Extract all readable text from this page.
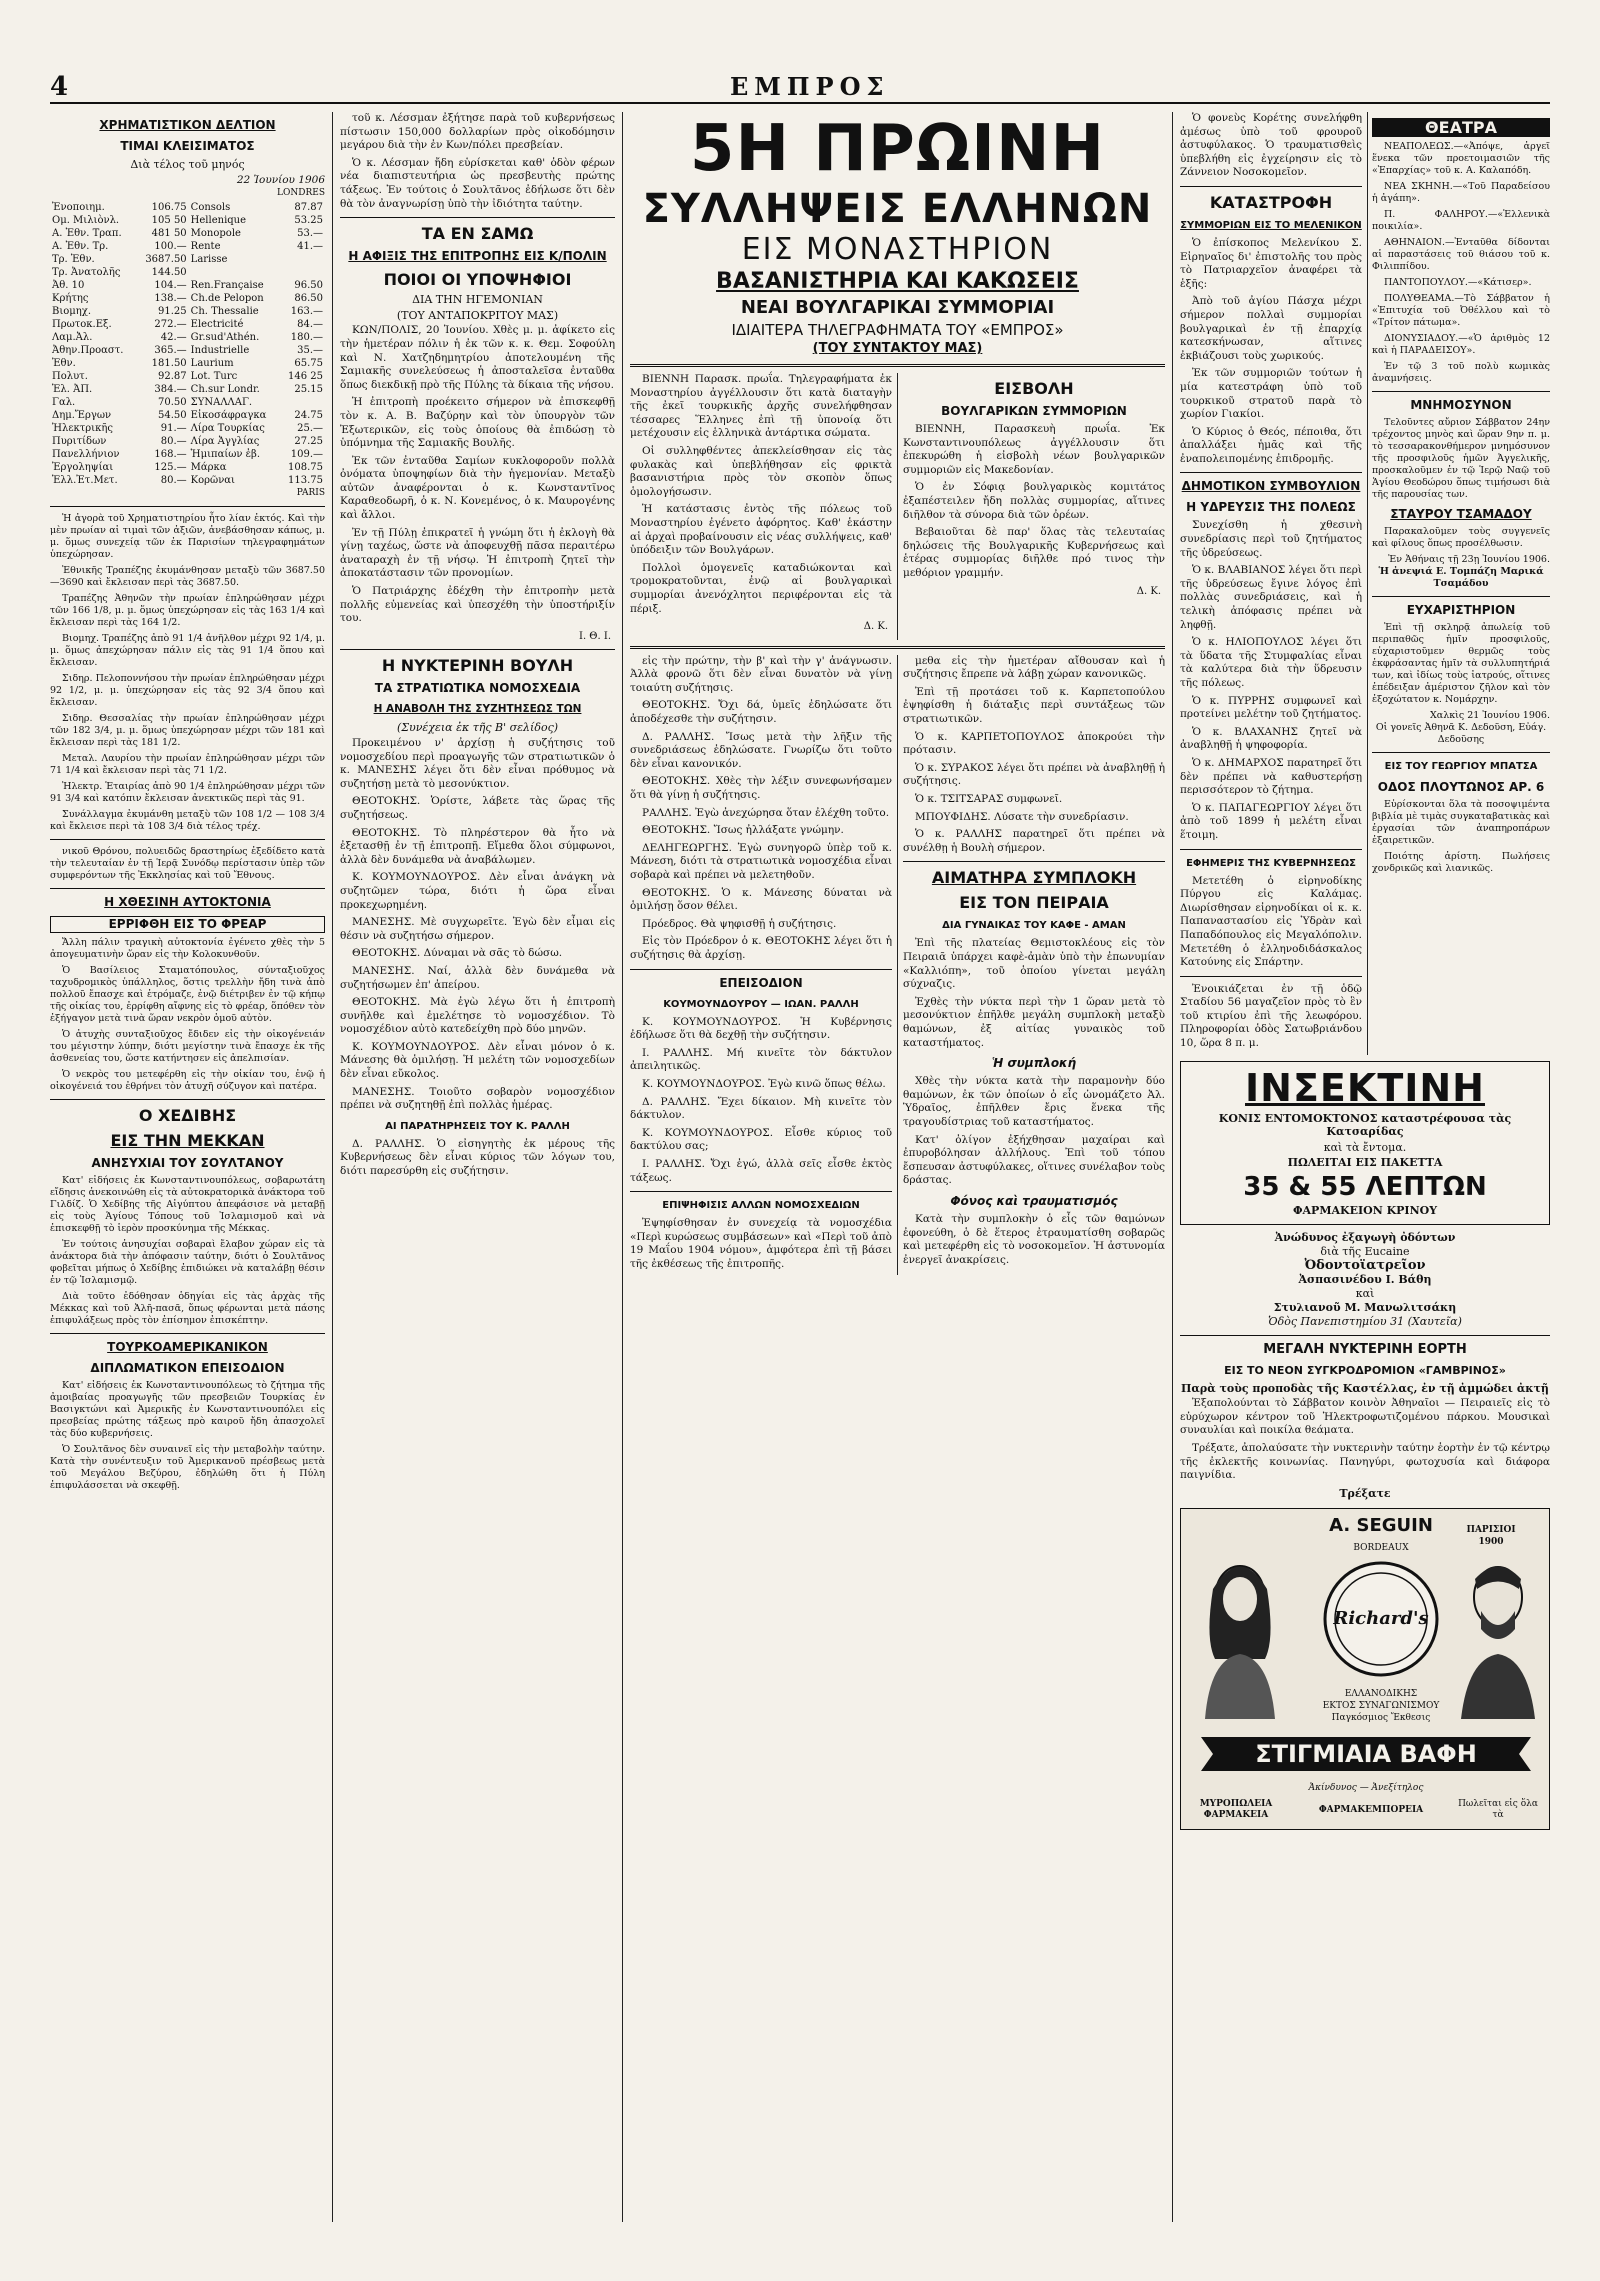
4	ΕΜΠΡΟΣ
ΧΡΗΜΑΤΙΣΤΙΚΟΝ ΔΕΛΤΙΟΝ
ΤΙΜΑΙ ΚΛΕΙΣΙΜΑΤΟΣ
Διὰ τέλος τοῦ μηνός
22 Ἰουνίου 1906
LONDRES
Ἐνοποιημ.	106.75	Consols	87.87
Ομ. Μιλιὸνλ.	105 50	Hellenique	53.25
Α. Ἐθν. Τραπ.	481 50	Monopole	53.—
Α. Ἐθν. Τρ.	100.—	Rente	41.—
Τρ. Ἐθν.	3687.50	Larisse	
Τρ. Ἀνατολῆς	144.50		
Ἀθ. 10	104.—	Ren.Française	96.50
Κρήτης	138.—	Ch.de Pelopon	86.50
Βιομηχ.	91.25	Ch. Thessalie	163.—
Πρωτοκ.Εξ.	272.—	Electricité	84.—
Λαμ.Ἀλ.	42.—	Gr.sud'Athén.	180.—
Ἀθην.Προαστ.	365.—	Industrielle	35.—
Ἐθν.	181.50	Laurium	65.75
Πολυτ.	92.87	Lot. Turc	146 25
Ἑλ. ἈΠ.	384.—	Ch.sur Londr.	25.15
Γαλ.	70.50	ΣΥΝΑΛΛΑΓ.	
Δημ.Ἔργων	54.50	Εἰκοσάφραγκα	24.75
Ἠλεκτρικῆς	91.—	Λίρα Τουρκίας	25.—
Πυριτίδων	80.—	Λίρα Ἀγγλίας	27.25
Πανελλήνιον	168.—	Ἡμιπαίων ἐβ.	109.—
Ἐργοληψίαι	125.—	Μάρκα	108.75
Ἑλλ.Ἐτ.Μετ.	80.—	Κορῶναι	113.75
PARIS

Ἡ ἀγορὰ τοῦ Χρηματιστηρίου ἦτο λίαν ἐκτός. Καὶ τὴν μὲν πρωίαν αἱ τιμαὶ τῶν ἀξιῶν, ἀνεβάσθησαν κάπως, μ. μ. ὅμως συνεχείᾳ τῶν ἐκ Παρισίων τηλεγραφημάτων ὑπεχώρησαν.

Ἐθνικῆς Τραπέζης ἐκυμάνθησαν μεταξὺ τῶν 3687.50—3690 καὶ ἔκλεισαν περὶ τὰς 3687.50.

Τραπέζης Ἀθηνῶν τὴν πρωίαν ἐπληρώθησαν μέχρι τῶν 166 1/8, μ. μ. ὅμως ὑπεχώρησαν εἰς τὰς 163 1/4 καὶ ἔκλεισαν περὶ τὰς 164 1/2.

Βιομηχ. Τραπέζης ἀπὸ 91 1/4 ἀνῆλθον μέχρι 92 1/4, μ. μ. ὅμως ἀπεχώρησαν πάλιν εἰς τὰς 91 1/4 ὅπου καὶ ἔκλεισαν.

Σιδηρ. Πελοποννήσου τὴν πρωίαν ἐπληρώθησαν μέχρι 92 1/2, μ. μ. ὑπεχώρησαν εἰς τὰς 92 3/4 ὅπου καὶ ἔκλεισαν.

Σιδηρ. Θεσσαλίας τὴν πρωίαν ἐπληρώθησαν μέχρι τῶν 182 3/4, μ. μ. ὅμως ὑπεχώρησαν μέχρι τῶν 181 καὶ ἔκλεισαν περὶ τὰς 181 1/2.

Μεταλ. Λαυρίου τὴν πρωίαν ἐπληρώθησαν μέχρι τῶν 71 1/4 καὶ ἔκλεισαν περὶ τὰς 71 1/2.

Ἠλεκτρ. Ἑταιρίας ἀπὸ 90 1/4 ἐπληρώθησαν μέχρι τῶν 91 3/4 καὶ κατόπιν ἔκλεισαν ἀνεκτικῶς περὶ τὰς 91.

Συνάλλαγμα ἐκυμάνθη μεταξὺ τῶν 108 1/2 — 108 3/4 καὶ ἔκλεισε περὶ τὰ 108 3/4 διὰ τέλος τρέχ.

νικοῦ Θρόνου, πολυειδῶς δραστηρίως ἐξεδίδετο κατὰ τὴν τελευταίαν ἐν τῇ Ἱερᾷ Συνόδῳ περίστασιν ὑπὲρ τῶν συμφερόντων τῆς Ἐκκλησίας καὶ τοῦ Ἔθνους.

Η ΧΘΕΣΙΝΗ ΑΥΤΟΚΤΟΝΙΑ
ΕΡΡΙΦΘΗ ΕΙΣ ΤΟ ΦΡΕΑΡ

Ἄλλη πάλιν τραγικὴ αὐτοκτονία ἐγένετο χθὲς τὴν 5 ἀπογευματινὴν ὥραν εἰς τὴν Κολοκυνθοῦν.

Ὁ Βασίλειος Σταματόπουλος, σύνταξιοῦχος ταχυδρομικὸς ὑπάλληλος, ὅστις τρελλὴν ἤδη τινὰ ἀπὸ πολλοῦ ἔπασχε καὶ ἐτρόμαζε, ἐνῷ διέτριβεν ἐν τῷ κήπῳ τῆς οἰκίας του, ἐρρίφθη αἴφνης εἰς τὸ φρέαρ, ὅπόθεν τὸν ἐξήγαγον μετὰ τινὰ ὥραν νεκρὸν ὁμοῦ αὐτὸν.

Ὁ ἀτυχὴς συνταξιοῦχος ἔδιδεν εἰς τὴν οἰκογένειάν του μέγιστην λύπην, διότι μεγίστην τινὰ ἔπασχε ἐκ τῆς ἀσθενείας του, ὥστε κατήντησεν εἰς ἀπελπισίαν.

Ὁ νεκρὸς του μετεφέρθη εἰς τὴν οἰκίαν του, ἐνῷ ἡ οἰκογένειά του ἐθρήνει τὸν ἀτυχῆ σύζυγον καὶ πατέρα.

Ο ΧΕΔΙΒΗΣ
ΕΙΣ ΤΗΝ ΜΕΚΚΑΝ
ΑΝΗΣΥΧΙΑΙ ΤΟΥ ΣΟΥΛΤΑΝΟΥ

Κατ' εἰδήσεις ἐκ Κωνσταντινουπόλεως, σοβαρωτάτη εἴδησις ἀνεκοινώθη εἰς τὰ αὐτοκρατορικὰ ἀνάκτορα τοῦ Γιλδίζ. Ὁ Χεδίβης τῆς Αἰγύπτου ἀπεφάσισε νὰ μεταβῇ εἰς τοὺς Ἁγίους Τόπους τοῦ Ἰσλαμισμοῦ καὶ νὰ ἐπισκεφθῇ τὸ ἱερὸν προσκύνημα τῆς Μέκκας.

Ἐν τούτοις ἀνησυχίαι σοβαραὶ ἔλαβον χώραν εἰς τὰ ἀνάκτορα διὰ τὴν ἀπόφασιν ταύτην, διότι ὁ Σουλτᾶνος φοβεῖται μήπως ὁ Χεδίβης ἐπιδιώκει νὰ καταλάβῃ θέσιν ἐν τῷ Ἰσλαμισμῷ.

Διὰ τοῦτο ἐδόθησαν ὁδηγίαι εἰς τὰς ἀρχὰς τῆς Μέκκας καὶ τοῦ Ἀλῆ-πασᾶ, ὅπως φέρωνται μετὰ πάσης ἐπιφυλάξεως πρὸς τὸν ἐπίσημον ἐπισκέπτην.

ΤΟΥΡΚΟΑΜΕΡΙΚΑΝΙΚΟΝ
ΔΙΠΛΩΜΑΤΙΚΟΝ ΕΠΕΙΣΟΔΙΟΝ

Κατ' εἰδήσεις ἐκ Κωνσταντινουπόλεως τὸ ζήτημα τῆς ἀμοιβαίας προαγωγῆς τῶν πρεσβειῶν Τουρκίας ἐν Βασιγκτώνι καὶ Ἀμερικῆς ἐν Κωνσταντινουπόλει εἰς πρεσβείας πρώτης τάξεως πρὸ καιροῦ ἤδη ἀπασχολεῖ τὰς δύο κυβερνήσεις.

Ὁ Σουλτᾶνος δὲν συναινεῖ εἰς τὴν μεταβολὴν ταύτην. Κατὰ τὴν συνέντευξιν τοῦ Ἀμερικανοῦ πρέσβεως μετὰ τοῦ Μεγάλου Βεζύρου, ἐδηλώθη ὅτι ἡ Πύλη ἐπιφυλάσσεται νὰ σκεφθῇ.

τοῦ κ. Λέσσμαν ἐξήτησε παρὰ τοῦ κυβερνήσεως πίστωσιν 150,000 δολλαρίων πρὸς οἰκοδόμησιν μεγάρου διὰ τὴν ἐν Κων/πόλει πρεσβείαν.

Ὁ κ. Λέσσμαν ἤδη εὑρίσκεται καθ' ὁδὸν φέρων νέα διαπιστευτήρια ὡς πρεσβευτὴς πρώτης τάξεως. Ἐν τούτοις ὁ Σουλτᾶνος ἐδήλωσε ὅτι δὲν θὰ τὸν ἀναγνωρίσῃ ὑπὸ τὴν ἰδιότητα ταύτην.

ΤΑ ΕΝ ΣΑΜΩ
Η ΑΦΙΞΙΣ ΤΗΣ ΕΠΙΤΡΟΠΗΣ ΕΙΣ Κ/ΠΟΛΙΝ
ΠΟΙΟΙ ΟΙ ΥΠΟΨΗΦΙΟΙ
ΔΙΑ ΤΗΝ ΗΓΕΜΟΝΙΑΝ
(ΤΟΥ ΑΝΤΑΠΟΚΡΙΤΟΥ ΜΑΣ)

ΚΩΝ/ΠΟΛΙΣ, 20 Ἰουνίου. Χθὲς μ. μ. ἀφίκετο εἰς τὴν ἡμετέραν πόλιν ἡ ἐκ τῶν κ. κ. Θεμ. Σοφούλη καὶ Ν. Χατζηδημητρίου ἀποτελουμένη τῆς Σαμιακῆς συνελεύσεως ἡ ἀποσταλεῖσα ἐνταῦθα ὅπως διεκδικῇ πρὸ τῆς Πύλης τὰ δίκαια τῆς νήσου.

Ἡ ἐπιτροπὴ προέκειτο σήμερον νὰ ἐπισκεφθῇ τὸν κ. Α. Β. Βαζύρην καὶ τὸν ὑπουργὸν τῶν Ἐξωτερικῶν, εἰς τοὺς ὁποίους θὰ ἐπιδώσῃ τὸ ὑπόμνημα τῆς Σαμιακῆς Βουλῆς.

Ἐκ τῶν ἐνταῦθα Σαμίων κυκλοφοροῦν πολλὰ ὀνόματα ὑποψηφίων διὰ τὴν ἡγεμονίαν. Μεταξὺ αὐτῶν ἀναφέρονται ὁ κ. Κωνσταντῖνος Καραθεοδωρῆ, ὁ κ. Ν. Κονεμένος, ὁ κ. Μαυρογένης καὶ ἄλλοι.

Ἐν τῇ Πύλῃ ἐπικρατεῖ ἡ γνώμη ὅτι ἡ ἐκλογὴ θὰ γίνῃ ταχέως, ὥστε νὰ ἀποφευχθῇ πᾶσα περαιτέρω ἀναταραχὴ ἐν τῇ νήσῳ. Ἡ ἐπιτροπὴ ζητεῖ τὴν ἀποκατάστασιν τῶν προνομίων.

Ὁ Πατριάρχης ἐδέχθη τὴν ἐπιτροπὴν μετὰ πολλῆς εὐμενείας καὶ ὑπεσχέθη τὴν ὑποστήριξίν του.

Ι. Θ. Ι.
Η ΝΥΚΤΕΡΙΝΗ ΒΟΥΛΗ
ΤΑ ΣΤΡΑΤΙΩΤΙΚΑ ΝΟΜΟΣΧΕΔΙΑ
Η ΑΝΑΒΟΛΗ ΤΗΣ ΣΥΖΗΤΗΣΕΩΣ ΤΩΝ
(Συνέχεια ἐκ τῆς Β' σελίδος)

Προκειμένου ν' ἀρχίσῃ ἡ συζήτησις τοῦ νομοσχεδίου περὶ προαγωγῆς τῶν στρατιωτικῶν ὁ κ. ΜΑΝΕΣΗΣ λέγει ὅτι δὲν εἶναι πρόθυμος νὰ συζητήσῃ μετὰ τὸ μεσονύκτιον.

ΘΕΟΤΟΚΗΣ. Ὁρίστε, λάβετε τὰς ὥρας τῆς συζητήσεως.

ΘΕΟΤΟΚΗΣ. Τὸ πληρέστερον θὰ ἦτο νὰ ἐξετασθῇ ἐν τῇ ἐπιτροπῇ. Εἴμεθα ὅλοι σύμφωνοι, ἀλλὰ δὲν δυνάμεθα νὰ ἀναβάλωμεν.

Κ. ΚΟΥΜΟΥΝΔΟΥΡΟΣ. Δὲν εἶναι ἀνάγκη νὰ συζητῶμεν τώρα, διότι ἡ ὥρα εἶναι προκεχωρημένη.

ΜΑΝΕΣΗΣ. Μὲ συγχωρεῖτε. Ἐγὼ δὲν εἶμαι εἰς θέσιν νὰ συζητήσω σήμερον.

ΘΕΟΤΟΚΗΣ. Δύναμαι νὰ σᾶς τὸ δώσω.

ΜΑΝΕΣΗΣ. Ναί, ἀλλὰ δὲν δυνάμεθα νὰ συζητήσωμεν ἐπ' ἀπείρου.

ΘΕΟΤΟΚΗΣ. Μὰ ἐγὼ λέγω ὅτι ἡ ἐπιτροπὴ συνῆλθε καὶ ἐμελέτησε τὸ νομοσχέδιον. Τὸ νομοσχέδιον αὐτὸ κατεδείχθη πρὸ δύο μηνῶν.

Κ. ΚΟΥΜΟΥΝΔΟΥΡΟΣ. Δὲν εἶναι μόνον ὁ κ. Μάνεσης θὰ ὁμιλήσῃ. Ἡ μελέτη τῶν νομοσχεδίων δὲν εἶναι εὔκολος.

ΜΑΝΕΣΗΣ. Τοιοῦτο σοβαρὸν νομοσχέδιον πρέπει νὰ συζητηθῇ ἐπὶ πολλὰς ἡμέρας.

ΑΙ ΠΑΡΑΤΗΡΗΣΕΙΣ ΤΟΥ Κ. ΡΑΛΛΗ

Δ. ΡΑΛΛΗΣ. Ὁ εἰσηγητὴς ἐκ μέρους τῆς Κυβερνήσεως δὲν εἶναι κύριος τῶν λόγων του, διότι παρεσύρθη εἰς συζήτησιν.

5Η ΠΡΩΙΝΗ
ΣΥΛΛΗΨΕΙΣ ΕΛΛΗΝΩΝ
ΕΙΣ ΜΟΝΑΣΤΗΡΙΟΝ
ΒΑΣΑΝΙΣΤΗΡΙΑ ΚΑΙ ΚΑΚΩΣΕΙΣ
ΝΕΑΙ ΒΟΥΛΓΑΡΙΚΑΙ ΣΥΜΜΟΡΙΑΙ
ΙΔΙΑΙΤΕΡΑ ΤΗΛΕΓΡΑΦΗΜΑΤΑ ΤΟΥ «ΕΜΠΡΟΣ»
(ΤΟΥ ΣΥΝΤΑΚΤΟΥ ΜΑΣ)

ΒΙΕΝΝΗ Παρασκ. πρωΐα. Τηλεγραφήματα ἐκ Μοναστηρίου ἀγγέλλουσιν ὅτι κατὰ διαταγὴν τῆς ἐκεῖ τουρκικῆς ἀρχῆς συνελήφθησαν τέσσαρες Ἕλληνες ἐπὶ τῇ ὑπονοίᾳ ὅτι μετέχουσιν εἰς ἑλληνικὰ ἀντάρτικα σώματα.

Οἱ συλληφθέντες ἀπεκλείσθησαν εἰς τὰς φυλακὰς καὶ ὑπεβλήθησαν εἰς φρικτὰ βασανιστήρια πρὸς τὸν σκοπὸν ὅπως ὁμολογήσωσιν.

Ἡ κατάστασις ἐντὸς τῆς πόλεως τοῦ Μοναστηρίου ἐγένετο ἀφόρητος. Καθ' ἑκάστην αἱ ἀρχαὶ προβαίνουσιν εἰς νέας συλλήψεις, καθ' ὑπόδειξιν τῶν Βουλγάρων.

Πολλοὶ ὁμογενεῖς καταδιώκονται καὶ τρομοκρατοῦνται, ἐνῷ αἱ βουλγαρικαὶ συμμορίαι ἀνενόχλητοι περιφέρονται εἰς τὰ πέριξ.

Δ. Κ.
ΕΙΣΒΟΛΗ
ΒΟΥΛΓΑΡΙΚΩΝ ΣΥΜΜΟΡΙΩΝ

ΒΙΕΝΝΗ, Παρασκευὴ πρωΐα. Ἐκ Κωνσταντινουπόλεως ἀγγέλλουσιν ὅτι ἐπεκυρώθη ἡ εἰσβολὴ νέων βουλγαρικῶν συμμοριῶν εἰς Μακεδονίαν.

Ὁ ἐν Σόφιᾳ βουλγαρικὸς κομιτάτος ἐξαπέστειλεν ἤδη πολλὰς συμμορίας, αἵτινες διῆλθον τὰ σύνορα διὰ τῶν ὀρέων.

Βεβαιοῦται δὲ παρ' ὅλας τὰς τελευταίας δηλώσεις τῆς Βουλγαρικῆς Κυβερνήσεως καὶ ἑτέρας συμμορίας διῆλθε πρό τινος τὴν μεθόριον γραμμήν.

Δ. Κ.

εἰς τὴν πρώτην, τὴν β' καὶ τὴν γ' ἀνάγνωσιν. Ἀλλὰ φρονῶ ὅτι δὲν εἶναι δυνατὸν νὰ γίνῃ τοιαύτη συζήτησις.

ΘΕΟΤΟΚΗΣ. Ὄχι δά, ὑμεῖς ἐδηλώσατε ὅτι ἀποδέχεσθε τὴν συζήτησιν.

Δ. ΡΑΛΛΗΣ. Ἴσως μετὰ τὴν λῆξιν τῆς συνεδριάσεως ἐδηλώσατε. Γνωρίζω ὅτι τοῦτο δὲν εἶναι κανονικόν.

ΘΕΟΤΟΚΗΣ. Χθὲς τὴν λέξιν συνεφωνήσαμεν ὅτι θὰ γίνῃ ἡ συζήτησις.

ΡΑΛΛΗΣ. Ἐγὼ ἀνεχώρησα ὅταν ἐλέχθη τοῦτο.

ΘΕΟΤΟΚΗΣ. Ἴσως ἠλλάξατε γνώμην.

ΔΕΛΗΓΕΩΡΓΗΣ. Ἐγὼ συνηγορῶ ὑπὲρ τοῦ κ. Μάνεση, διότι τὰ στρατιωτικὰ νομοσχέδια εἶναι σοβαρὰ καὶ πρέπει νὰ μελετηθοῦν.

ΘΕΟΤΟΚΗΣ. Ὁ κ. Μάνεσης δύναται νὰ ὁμιλήσῃ ὅσον θέλει.

Πρόεδρος. Θὰ ψηφισθῇ ἡ συζήτησις.

Εἰς τὸν Πρόεδρον ὁ κ. ΘΕΟΤΟΚΗΣ λέγει ὅτι ἡ συζήτησις θὰ ἀρχίσῃ.

ΕΠΕΙΣΟΔΙΟΝ
ΚΟΥΜΟΥΝΔΟΥΡΟΥ — ΙΩΑΝ. ΡΑΛΛΗ

Κ. ΚΟΥΜΟΥΝΔΟΥΡΟΣ. Ἡ Κυβέρνησις ἐδήλωσε ὅτι θὰ δεχθῇ τὴν συζήτησιν.

Ι. ΡΑΛΛΗΣ. Μή κινεῖτε τὸν δάκτυλον ἀπειλητικῶς.

Κ. ΚΟΥΜΟΥΝΔΟΥΡΟΣ. Ἐγὼ κινῶ ὅπως θέλω.

Δ. ΡΑΛΛΗΣ. Ἔχει δίκαιον. Μὴ κινεῖτε τὸν δάκτυλον.

Κ. ΚΟΥΜΟΥΝΔΟΥΡΟΣ. Εἶσθε κύριος τοῦ δακτύλου σας;

Ι. ΡΑΛΛΗΣ. Ὄχι ἐγώ, ἀλλὰ σεῖς εἶσθε ἐκτὸς τάξεως.

ΕΠΙΨΗΦΙΣΙΣ ΑΛΛΩΝ ΝΟΜΟΣΧΕΔΙΩΝ

Ἐψηφίσθησαν ἐν συνεχείᾳ τὰ νομοσχέδια «Περὶ κυρώσεως συμβάσεων» καὶ «Περὶ τοῦ ἀπὸ 19 Μαΐου 1904 νόμου», ἀμφότερα ἐπὶ τῇ βάσει τῆς ἐκθέσεως τῆς ἐπιτροπῆς.

μεθα εἰς τὴν ἡμετέραν αἴθουσαν καὶ ἡ συζήτησις ἔπρεπε νὰ λάβῃ χώραν κανονικῶς.

Ἐπὶ τῇ προτάσει τοῦ κ. Καρπετοπούλου ἐψηφίσθη ἡ διάταξις περὶ συντάξεως τῶν στρατιωτικῶν.

Ὁ κ. ΚΑΡΠΕΤΟΠΟΥΛΟΣ ἀποκρούει τὴν πρότασιν.

Ὁ κ. ΣΥΡΑΚΟΣ λέγει ὅτι πρέπει νὰ ἀναβληθῇ ἡ συζήτησις.

Ὁ κ. ΤΣΙΤΣΑΡΑΣ συμφωνεῖ.

ΜΠΟΥΦΙΔΗΣ. Λύσατε τὴν συνεδρίασιν.

Ὁ κ. ΡΑΛΛΗΣ παρατηρεῖ ὅτι πρέπει νὰ συνέλθῃ ἡ Βουλὴ σήμερον.

ΑΙΜΑΤΗΡΑ ΣΥΜΠΛΟΚΗ
ΕΙΣ ΤΟΝ ΠΕΙΡΑΙΑ
ΔΙΑ ΓΥΝΑΙΚΑΣ ΤΟΥ ΚΑΦΕ - ΑΜΑΝ

Ἐπὶ τῆς πλατείας Θεμιστοκλέους εἰς τὸν Πειραιᾶ ὑπάρχει καφὲ-ἀμὰν ὑπὸ τὴν ἐπωνυμίαν «Καλλιόπη», τοῦ ὁποίου γίνεται μεγάλη σύχναζις.

Ἐχθὲς τὴν νύκτα περὶ τὴν 1 ὥραν μετὰ τὸ μεσονύκτιον ἐπῆλθε μεγάλη συμπλοκὴ μεταξὺ θαμώνων, ἐξ αἰτίας γυναικὸς τοῦ καταστήματος.

Ἡ συμπλοκή

Χθὲς τὴν νύκτα κατὰ τὴν παραμονὴν δύο θαμώνων, ἐκ τῶν ὁποίων ὁ εἷς ὠνομάζετο Ἀλ. Ὑδραῖος, ἐπῆλθεν ἔρις ἕνεκα τῆς τραγουδίστριας τοῦ καταστήματος.

Κατ' ὀλίγον ἐξήχθησαν μαχαίραι καὶ ἐπυροβόλησαν ἀλλήλους. Ἐπὶ τοῦ τόπου ἔσπευσαν ἀστυφύλακες, οἵτινες συνέλαβον τοὺς δράστας.

Φόνος καὶ τραυματισμός

Κατὰ τὴν συμπλοκὴν ὁ εἷς τῶν θαμώνων ἐφονεύθη, ὁ δὲ ἕτερος ἐτραυματίσθη σοβαρῶς καὶ μετεφέρθη εἰς τὸ νοσοκομεῖον. Ἡ ἀστυνομία ἐνεργεῖ ἀνακρίσεις.

Ὁ φονεὺς Κορέτης συνελήφθη ἀμέσως ὑπὸ τοῦ φρουροῦ ἀστυφύλακος. Ὁ τραυματισθεὶς ὑπεβλήθη εἰς ἐγχείρησιν εἰς τὸ Ζάννειον Νοσοκομεῖον.

ΚΑΤΑΣΤΡΟΦΗ
ΣΥΜΜΟΡΙΩΝ ΕΙΣ ΤΟ ΜΕΛΕΝΙΚΟΝ

Ὁ ἐπίσκοπος Μελενίκου Σ. Εἰρηναῖος δι' ἐπιστολῆς του πρὸς τὸ Πατριαρχεῖον ἀναφέρει τὰ ἑξῆς:

Ἀπὸ τοῦ ἀγίου Πάσχα μέχρι σήμερον πολλαὶ συμμορίαι βουλγαρικαὶ ἐν τῇ ἐπαρχίᾳ κατεσκήνωσαν, αἵτινες ἐκβιάζουσι τοὺς χωρικούς.

Ἐκ τῶν συμμοριῶν τούτων ἡ μία κατεστράφη ὑπὸ τοῦ τουρκικοῦ στρατοῦ παρὰ τὸ χωρίον Γιακίοι.

Ὁ Κύριος ὁ Θεός, πέποιθα, ὅτι ἀπαλλάξει ἡμᾶς καὶ τῆς ἐναπολειπομένης ἐπιδρομῆς.

ΔΗΜΟΤΙΚΟΝ ΣΥΜΒΟΥΛΙΟΝ
Η ΥΔΡΕΥΣΙΣ ΤΗΣ ΠΟΛΕΩΣ

Συνεχίσθη ἡ χθεσινὴ συνεδρίασις περὶ τοῦ ζητήματος τῆς ὑδρεύσεως.

Ὁ κ. ΒΛΑΒΙΑΝΟΣ λέγει ὅτι περὶ τῆς ὑδρεύσεως ἔγινε λόγος ἐπὶ πολλὰς συνεδριάσεις, καὶ ἡ τελικὴ ἀπόφασις πρέπει νὰ ληφθῇ.

Ὁ κ. ΗΛΙΟΠΟΥΛΟΣ λέγει ὅτι τὰ ὕδατα τῆς Στυμφαλίας εἶναι τὰ καλύτερα διὰ τὴν ὕδρευσιν τῆς πόλεως.

Ὁ κ. ΠΥΡΡΗΣ συμφωνεῖ καὶ προτείνει μελέτην τοῦ ζητήματος.

Ὁ κ. ΒΛΑΧΑΝΗΣ ζητεῖ νὰ ἀναβληθῇ ἡ ψηφοφορία.

Ὁ κ. ΔΗΜΑΡΧΟΣ παρατηρεῖ ὅτι δὲν πρέπει νὰ καθυστερήσῃ περισσότερον τὸ ζήτημα.

Ὁ κ. ΠΑΠΑΓΕΩΡΓΙΟΥ λέγει ὅτι ἀπὸ τοῦ 1899 ἡ μελέτη εἶναι ἕτοιμη.

ΕΦΗΜΕΡΙΣ ΤΗΣ ΚΥΒΕΡΝΗΣΕΩΣ

Μετετέθη ὁ εἰρηνοδίκης Πύργου εἰς Καλάμας. Διωρίσθησαν εἰρηνοδίκαι οἱ κ. κ. Παπαναστασίου εἰς Ὑδρὰν καὶ Παπαδόπουλος εἰς Μεγαλόπολιν. Μετετέθη ὁ ἐλληνοδιδάσκαλος Κατούνης εἰς Σπάρτην.

Ἐνοικιάζεται ἐν τῇ ὁδῷ Σταδίου 56 μαγαζεῖον πρὸς τὸ ἓν τοῦ κτιρίου ἐπὶ τῆς λεωφόρου. Πληροφορίαι ὁδὸς Σατωβριάνδου 10, ὥρα 8 π. μ.

ΘΕΑΤΡΑ

ΝΕΑΠΟΛΕΩΣ.—«Ἀπόψε, ἀργεῖ ἕνεκα τῶν προετοιμασιῶν τῆς «Ἐπαρχίας» τοῦ κ. Α. Καλαπόδη.

ΝΕΑ ΣΚΗΝΗ.—«Τοῦ Παραδείσου ἡ ἀγάπη».

Π. ΦΑΛΗΡΟΥ.—«Ἑλλενικὰ ποικιλία».

ΑΘΗΝΑΙΟΝ.—Ἐνταῦθα δίδονται αἱ παραστάσεις τοῦ θιάσου τοῦ κ. Φιλιππίδου.

ΠΑΝΤΟΠΟΥΛΟΥ.—«Κάτισερ».

ΠΟΛΥΘΕΑΜΑ.—Τὸ Σάββατον ἡ «Ἐπιτυχία τοῦ Ὀθέλλου καὶ τὸ «Τρίτον πάτωμα».

ΔΙΟΝΥΣΙΑΔΟΥ.—«Ὁ ἀριθμὸς 12 καὶ ἡ ΠΑΡΑΔΕΙΣΟΥ».

Ἐν τῷ 3 τοῦ πολὺ κωμικὰς ἀναμνήσεις.

ΜΝΗΜΟΣΥΝΟΝ

Τελοῦντες αὔριον Σάββατον 24ην τρέχοντος μηνὸς καὶ ὥραν 9ην π. μ. τὸ τεσσαρακονθήμερον μνημόσυνον τῆς προσφιλοῦς ἡμῶν Ἀγγελικῆς, προσκαλοῦμεν ἐν τῷ Ἱερῷ Ναῷ τοῦ Ἁγίου Θεοδώρου ὅπως τιμήσωσι διὰ τῆς παρουσίας των.

ΣΤΑΥΡΟΥ ΤΣΑΜΑΔΟΥ

Παρακαλοῦμεν τοὺς συγγενεῖς καὶ φίλους ὅπως προσέλθωσιν.

Ἐν Ἀθήναις τῇ 23ῃ Ἰουνίου 1906.
Ἡ ἀνεψιά Ε. Τομπάζη Μαρικά Τσαμάδου
ΕΥΧΑΡΙΣΤΗΡΙΟΝ

Ἐπὶ τῇ σκληρᾷ ἀπωλείᾳ τοῦ περιπαθῶς ἡμῖν προσφιλοῦς, εὐχαριστοῦμεν θερμῶς τοὺς ἐκφράσαντας ἡμῖν τὰ συλλυπητήριά των, καὶ ἰδίως τοὺς ἰατρούς, οἵτινες ἐπέδειξαν ἀμέριστον ζῆλον καὶ τὸν ἐξοχώτατον κ. Νομάρχην.

Χαλκὶς 21 Ἰουνίου 1906.
Οἱ γονεῖς Ἀθηνᾶ Κ. Δεδοῦση, Εὐάγ. Δεδοῦσης
ΕΙΣ ΤΟΥ ΓΕΩΡΓΙΟΥ ΜΠΑΤΣΑ
ΟΔΟΣ ΠΛΟΥΤΩΝΟΣ ΑΡ. 6

Εὑρίσκονται ὅλα τὰ ποσοψιμέντα βιβλία μὲ τιμὰς συγκαταβατικὰς καὶ ἐργασίαι τῶν ἀναπηροπάρων ἐξαιρετικῶν.

Ποιότης ἀρίστη. Πωλήσεις χονδρικῶς καὶ λιανικῶς.

ΙΝΣΕΚΤΙΝΗ
ΚΟΝΙΣ ΕΝΤΟΜΟΚΤΟΝΟΣ καταστρέφουσα τὰς Κατσαρίδας
καὶ τὰ ἔντομα.
ΠΩΛΕΙΤΑΙ ΕΙΣ ΠΑΚΕΤΤΑ
35 & 55 ΛΕΠΤΩΝ
ΦΑΡΜΑΚΕΙΟΝ ΚΡΙΝΟΥ
Ἀνώδυνος ἐξαγωγὴ ὀδόντων
διὰ τῆς Eucaine
Ὀδοντοϊατρεῖον
Ἀσπασινέδου Ι. Βάθη
καὶ
Στυλιανοῦ Μ. Μανωλιτσάκη
Ὁδὸς Πανεπιστημίου 31 (Χαυτεῖα)
ΜΕΓΑΛΗ ΝΥΚΤΕΡΙΝΗ ΕΟΡΤΗ
ΕΙΣ ΤΟ ΝΕΟΝ ΣΥΓΚΡΟΔΡΟΜΙΟΝ «ΓΑΜΒΡΙΝΟΣ»
Παρὰ τοὺς προποδὰς τῆς Καστέλλας, ἐν τῇ ἀμμώδει ἀκτῇ

Ἐξαπολούνται τὸ Σάββατον κοινὸν Ἀθηναῖοι — Πειραιεῖς εἰς τὸ εὐρύχωρον κέντρον τοῦ Ἠλεκτροφωτιζομένου πάρκου. Μουσικαὶ συναυλίαι καὶ ποικίλα θεάματα.

Τρέξατε, ἀπολαύσατε τὴν νυκτερινὴν ταύτην ἑορτὴν ἐν τῷ κέντρῳ τῆς ἐκλεκτῆς κοινωνίας. Πανηγύρι, φωτοχυσία καὶ διάφορα παιγνίδια.

Τρέξατε
A. SEGUIN
BORDEAUX
ΕΛΛΑΝΟΔΙΚΗΣ
ΕΚΤΟΣ ΣΥΝΑΓΩΝΙΣΜΟΥ
Παγκόσμιος Ἔκθεσις
ΠΑΡΙΣΙΟΙ
1900
Richard's
ΣΤΙΓΜΙΑΙΑ ΒΑΦΗ
Ἀκίνδυνος — Ἀνεξίτηλος
Πωλεῖται εἰς ὅλα
τὰ
ΜΥΡΟΠΩΛΕΙΑ
ΦΑΡΜΑΚΕΙΑ	ΦΑΡΜΑΚΕΜΠΟΡΕΙΑ
